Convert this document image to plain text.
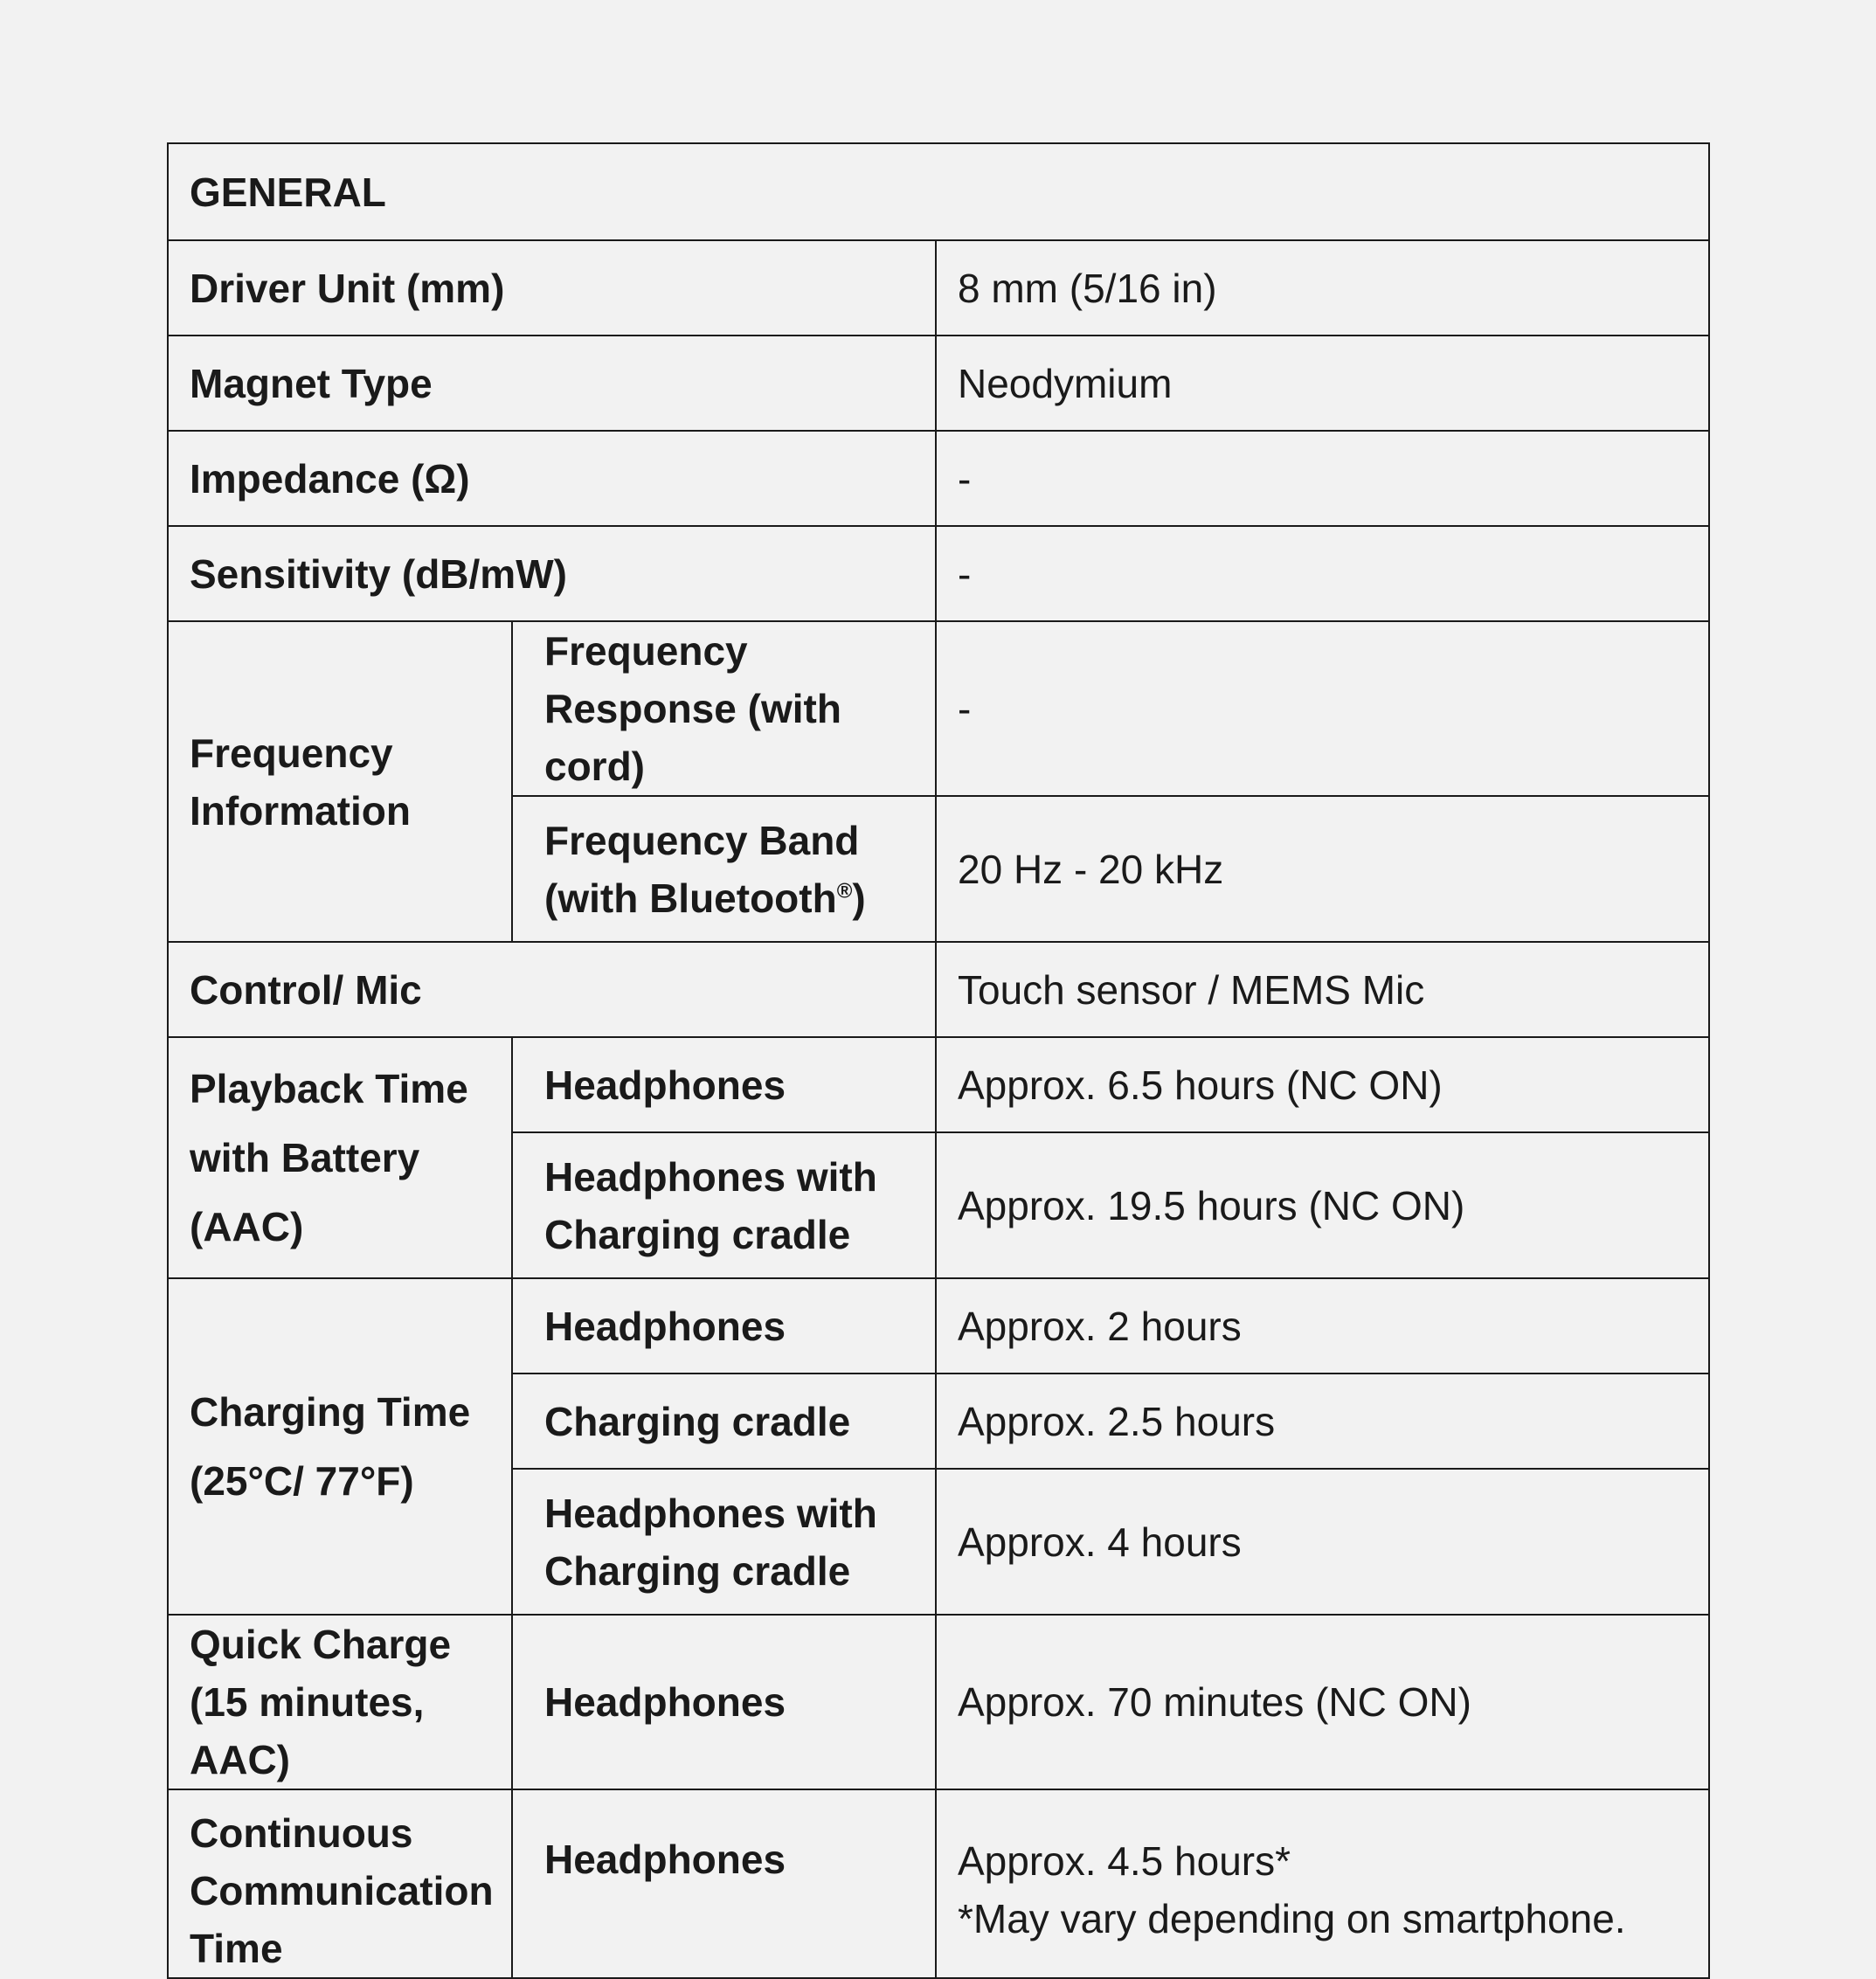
GENERAL		
Driver Unit (mm)		8 mm (5/16 in)
Magnet Type		Neodymium
Impedance (Ω)		-
Sensitivity (dB/mW)		-
Frequency Information	Frequency Response (with cord)	-
	Frequency Band (with Bluetooth®)	20 Hz - 20 kHz
Control/ Mic		Touch sensor / MEMS Mic
Playback Time with Battery (AAC)	Headphones	Approx. 6.5 hours (NC ON)
	Headphones with Charging cradle	Approx. 19.5 hours (NC ON)
Charging Time (25°C/ 77°F)	Headphones	Approx. 2 hours
	Charging cradle	Approx. 2.5 hours
	Headphones with Charging cradle	Approx. 4 hours
Quick Charge (15 minutes, AAC)	Headphones	Approx. 70 minutes (NC ON)
Continuous Communication Time	Headphones	Approx. 4.5 hours*
*May vary depending on smartphone.
